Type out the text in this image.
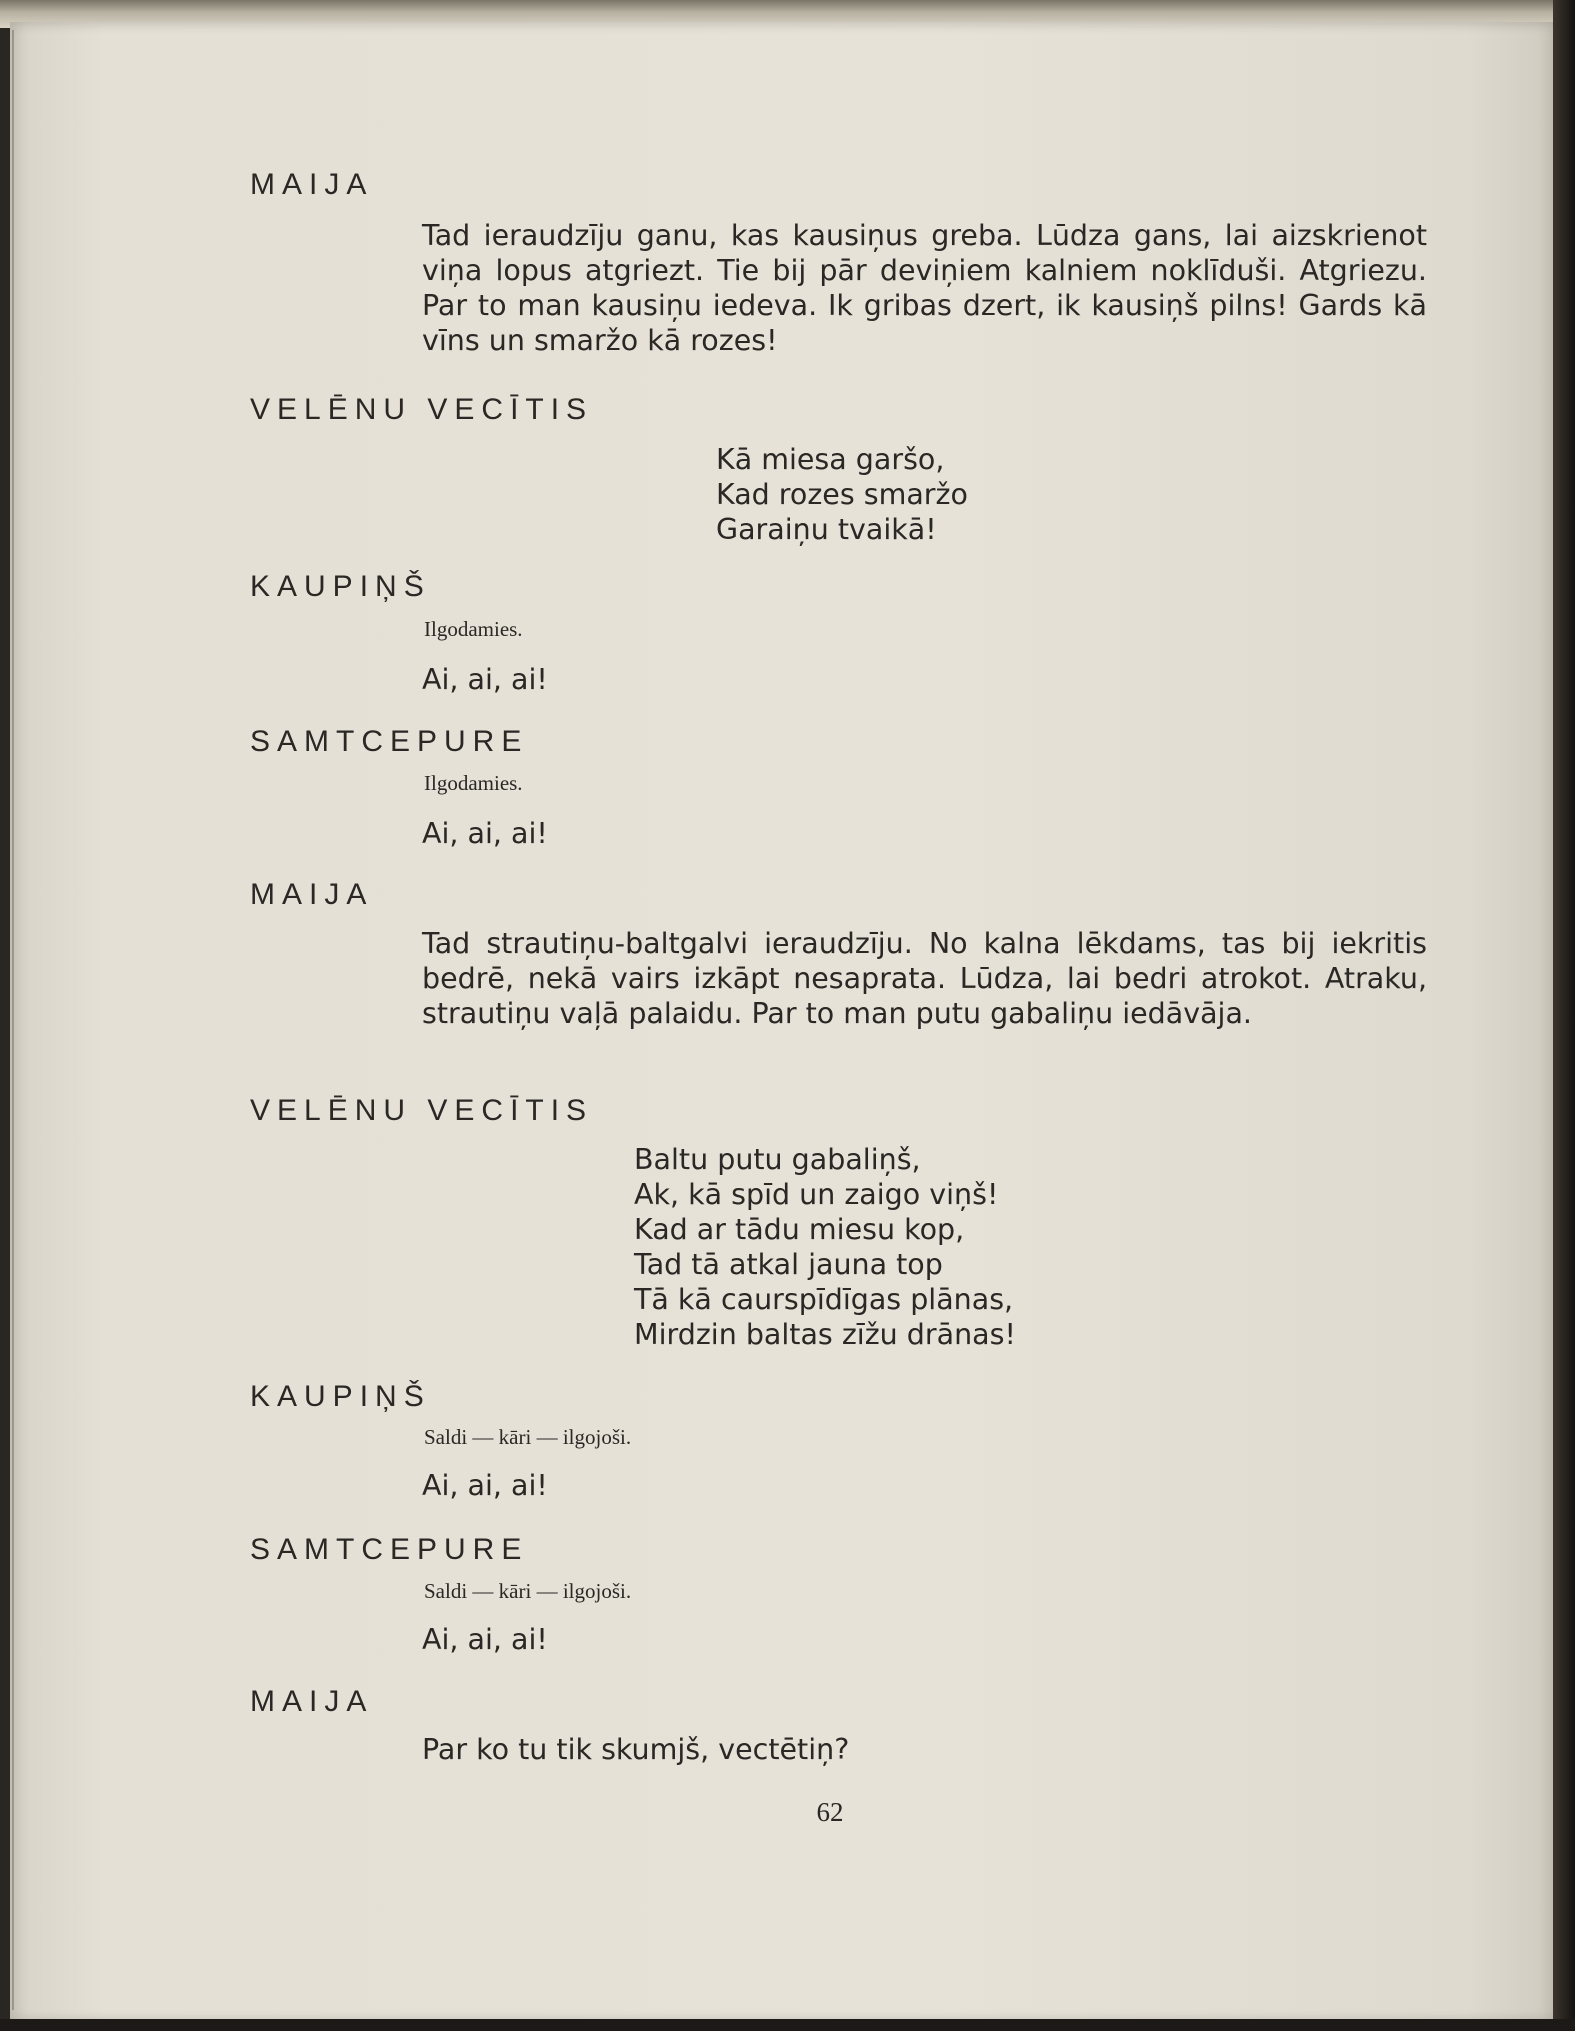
MAIJA

Tad ieraudzīju ganu, kas kausiņus greba. Lūdza gans, lai aizskrienot viņa lopus atgriezt. Tie bij pār deviņiem kalniem noklīduši. Atgriezu. Par to man kausiņu iedeva. Ik gribas dzert, ik kausiņš pilns! Gards kā vīns un smaržo kā rozes!

VELĒNU VECĪTIS
Kā miesa garšo,
Kad rozes smaržo
Garaiņu tvaikā!
KAUPIŅŠ
Ilgodamies.
Ai, ai, ai!
SAMTCEPURE
Ilgodamies.
Ai, ai, ai!
MAIJA

Tad strautiņu-baltgalvi ieraudzīju. No kalna lēkdams, tas bij iekritis bedrē, nekā vairs izkāpt nesaprata. Lūdza, lai bedri atrokot. Atraku, strautiņu vaļā palaidu. Par to man putu gabaliņu iedāvāja.

VELĒNU VECĪTIS
Baltu putu gabaliņš,
Ak, kā spīd un zaigo viņš!
Kad ar tādu miesu kop,
Tad tā atkal jauna top
Tā kā caurspīdīgas plānas,
Mirdzin baltas zīžu drānas!
KAUPIŅŠ
Saldi — kāri — ilgojoši.
Ai, ai, ai!
SAMTCEPURE
Saldi — kāri — ilgojoši.
Ai, ai, ai!
MAIJA
Par ko tu tik skumjš, vectētiņ?
62
